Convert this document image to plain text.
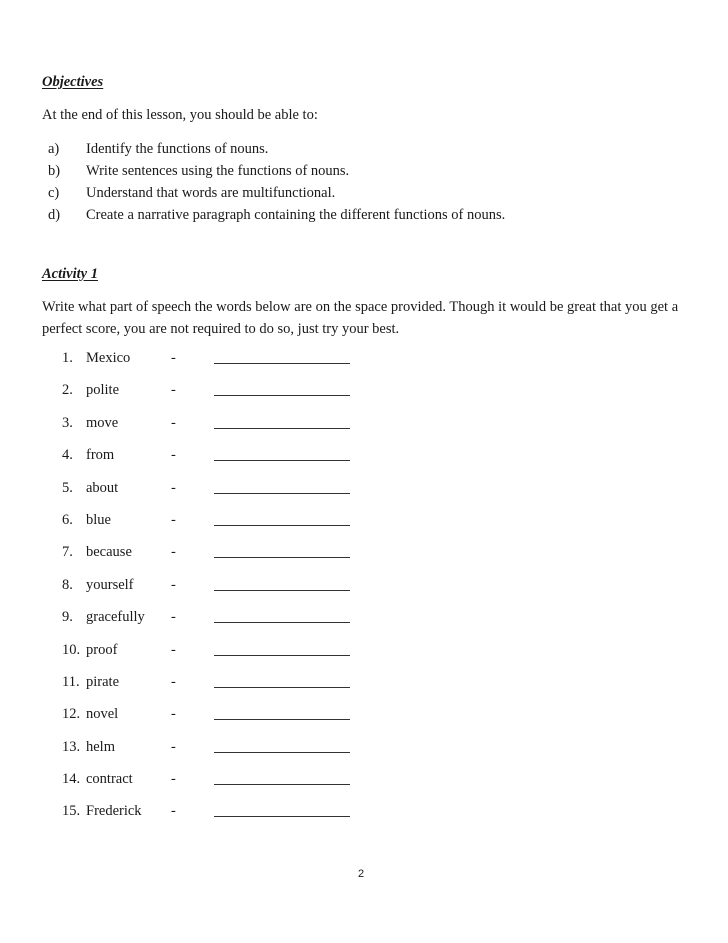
Objectives
At the end of this lesson, you should be able to:
a)	Identify the functions of nouns.
b)	Write sentences using the functions of nouns.
c)	Understand that words are multifunctional.
d)	Create a narrative paragraph containing the different functions of nouns.
Activity 1
Write what part of speech the words below are on the space provided. Though it would be great that you get a perfect score, you are not required to do so, just try your best.
1. Mexico	-
2. polite	-
3. move	-
4. from	-
5. about	-
6. blue	-
7. because	-
8. yourself	-
9. gracefully -
10. proof	-
11. pirate	-
12. novel	-
13. helm	-
14. contract	-
15. Frederick -
2
